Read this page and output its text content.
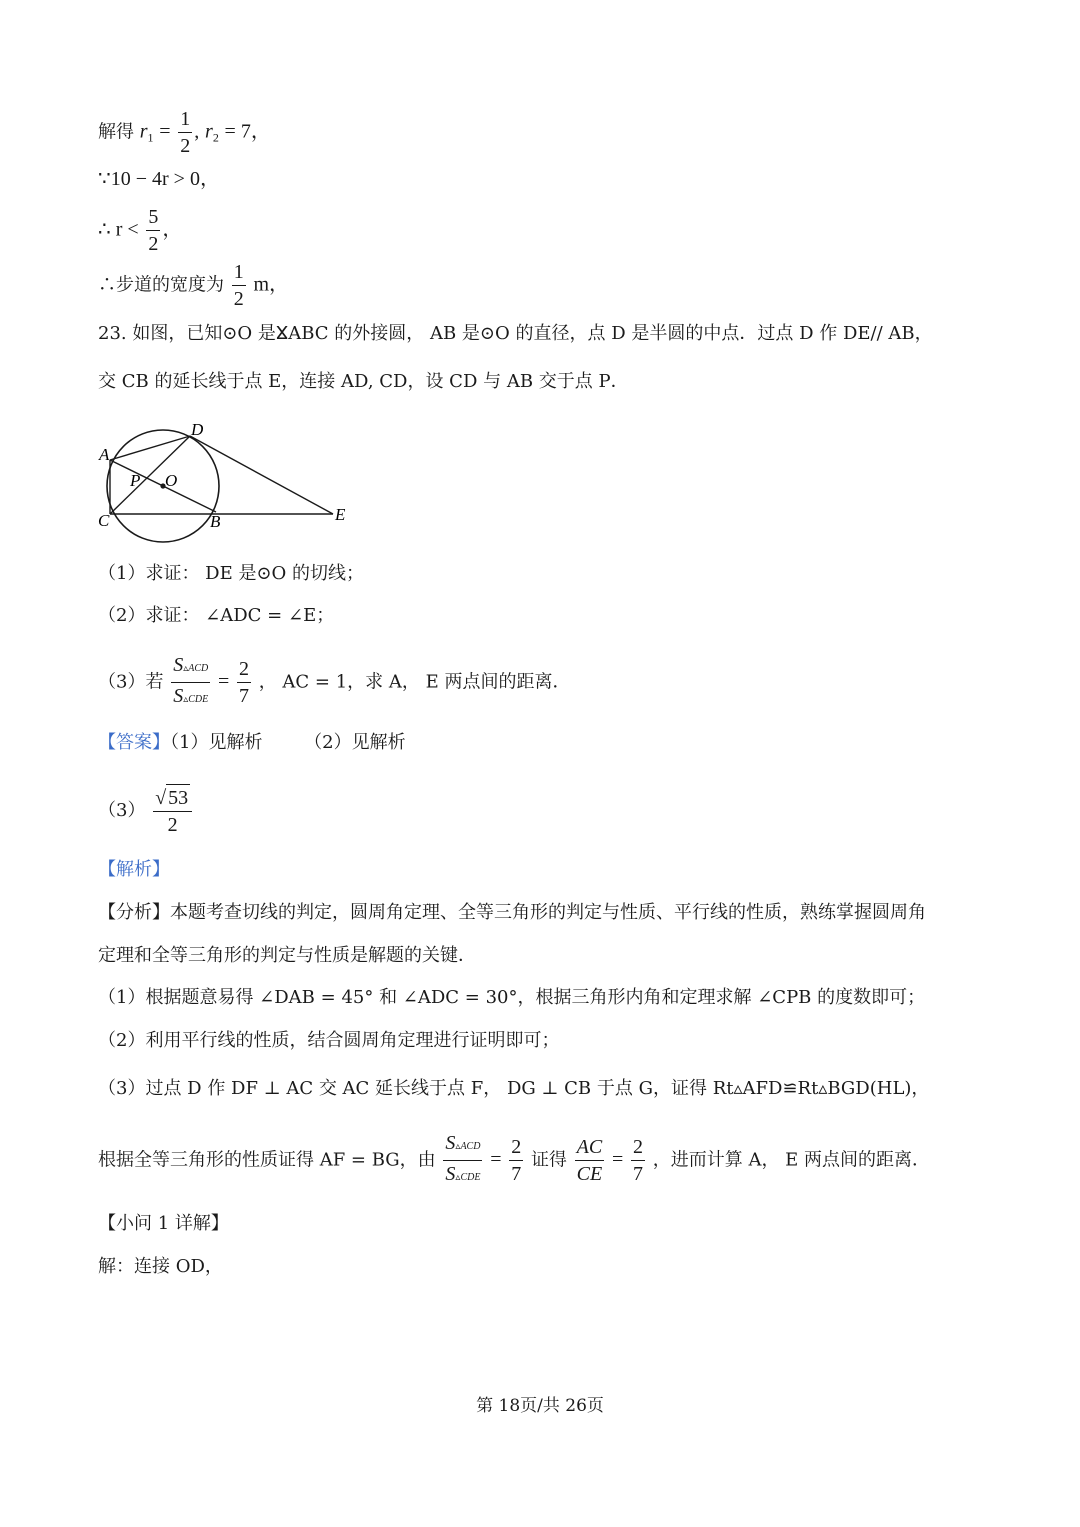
解得 $r_1 = \frac{1}{2}$ , $r_2 = 7$，
∵10 − 4r > 0，
∴ $r < \frac{5}{2}$ ，
∴步道的宽度为 $\frac{1}{2}$ m，
23. 如图，已知⊙O 是ⴴABC 的外接圆， AB 是⊙O 的直径，点 D 是半圆的中点．过点 D 作 DE// AB，
交 CB 的延长线于点 E，连接 AD, CD，设 CD 与 AB 交于点 P．
D
A
O
P
C	B	E
（1）求证： DE 是⊙O 的切线；
（2）求证： ∠ADC = ∠E；
（3）若 $\frac{\text{S▵ACD}}{\text{S▵CDE}} = \frac{2}{7}$ ， AC = 1，求 A， E 两点间的距离．
【答案】（1）见解析　　 （2）见解析
$(3) \frac{√ 53}{2}$
【解析】
【分析】本题考查切线的判定，圆周角定理、全等三角形的判定与性质、平行线的性质，熟练掌握圆周角
定理和全等三角形的判定与性质是解题的关键．
（1）根据题意易得 ∠DAB = 45° 和 ∠ADC = 30°，根据三角形内角和定理求解 ∠CPB 的度数即可；
（2）利用平行线的性质，结合圆周角定理进行证明即可；
（3）过点 D 作 DF ⊥ AC 交 AC 延长线于点 F， DG ⊥ CB 于点 G，证得 Rt▵AFD≌Rt▵BGD(HL)，
根据全等三角形的性质证得 AF = BG，由 $\frac{\text{S▵ACD}}{\text{S▵CDE}} = \frac{2}{7}$ 证得 $\frac{AC}{CE} = \frac{2}{7}$ ，进而计算 A， E 两点间的距离．
【小问 1 详解】
解：连接 OD，
第 18页/共 26页
